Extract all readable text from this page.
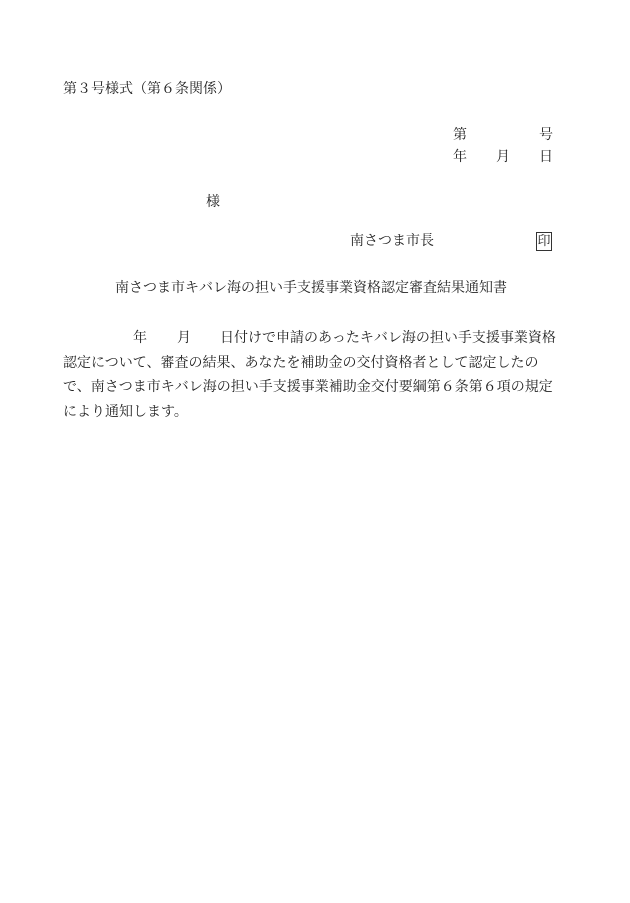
第３号様式（第６条関係）
第	号
年 月 日
様
南さつま市長	印
南さつま市キバレ海の担い手支援事業資格認定審査結果通知書
年 月 日付けで申請のあったキバレ海の担い手支援事業資格
認定について、審査の結果、あなたを補助金の交付資格者として認定したの
で、南さつま市キバレ海の担い手支援事業補助金交付要綱第６条第６項の規定
により通知します。
